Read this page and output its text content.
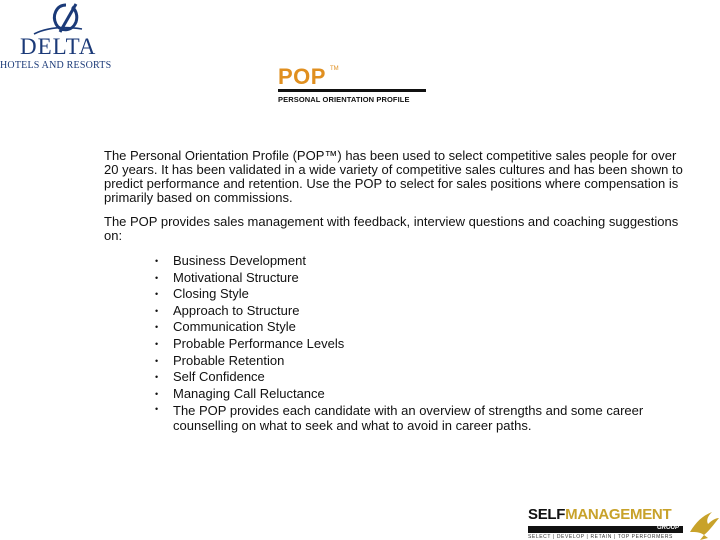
DELTA
HOTELS AND RESORTS	POP TM
PERSONAL ORIENTATION PROFILE

The Personal Orientation Profile (POP™) has been used to select competitive sales people for over 20 years. It has been validated in a wide variety of competitive sales cultures and has been shown to predict performance and retention. Use the POP to select for sales positions where compensation is primarily based on commissions.

The POP provides sales management with feedback, interview questions and coaching suggestions on:

• Business Development
• Motivational Structure
• Closing Style
• Approach to Structure
• Communication Style
• Probable Performance Levels
• Probable Retention
• Self Confidence
• Managing Call Reluctance
• The POP provides each candidate with an overview of strengths and some career counselling on what to seek and what to avoid in career paths.
SELFMANAGEMENT
GROUP
SELECT | DEVELOP | RETAIN | TOP PERFORMERS
